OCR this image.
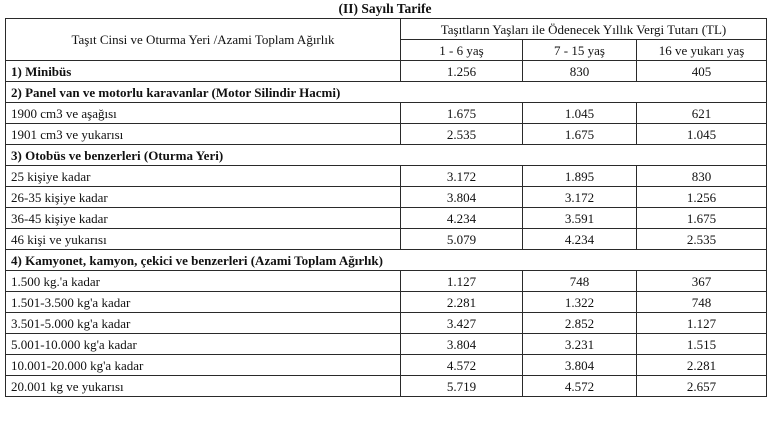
(II) Sayılı Tarife
Taşıt Cinsi ve Oturma Yeri /Azami Toplam Ağırlık	Taşıtların Yaşları ile Ödenecek Yıllık Vergi Tutarı (TL)		
	1 - 6 yaş	7 - 15 yaş	16 ve yukarı yaş
1) Minibüs	1.256	830	405
2) Panel van ve motorlu karavanlar (Motor Silindir Hacmi)			
1900 cm3 ve aşağısı	1.675	1.045	621
1901 cm3 ve yukarısı	2.535	1.675	1.045
3) Otobüs ve benzerleri (Oturma Yeri)			
25 kişiye kadar	3.172	1.895	830
26-35 kişiye kadar	3.804	3.172	1.256
36-45 kişiye kadar	4.234	3.591	1.675
46 kişi ve yukarısı	5.079	4.234	2.535
4) Kamyonet, kamyon, çekici ve benzerleri (Azami Toplam Ağırlık)			
1.500 kg.'a kadar	1.127	748	367
1.501-3.500 kg'a kadar	2.281	1.322	748
3.501-5.000 kg'a kadar	3.427	2.852	1.127
5.001-10.000 kg'a kadar	3.804	3.231	1.515
10.001-20.000 kg'a kadar	4.572	3.804	2.281
20.001 kg ve yukarısı	5.719	4.572	2.657
